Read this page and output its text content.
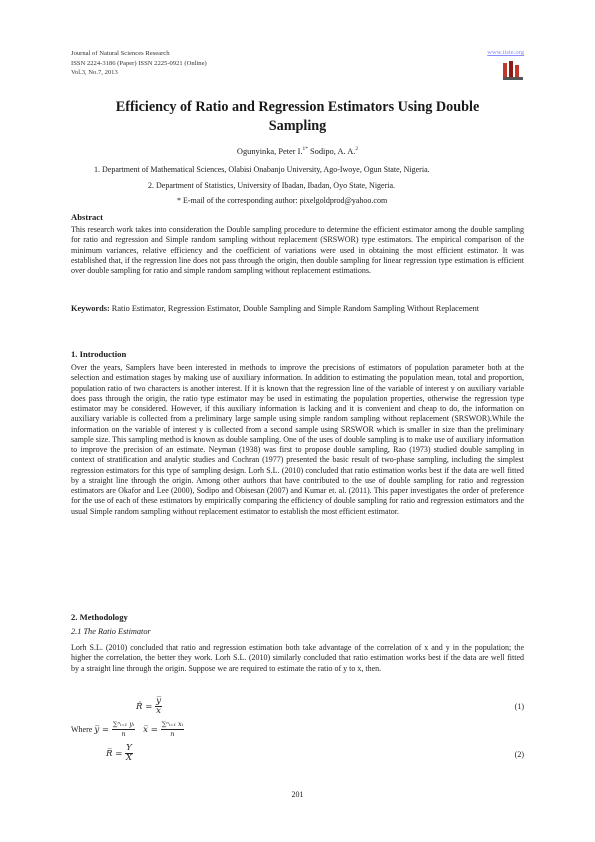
Journal of Natural Sciences Research
ISSN 2224-3186 (Paper) ISSN 2225-0921 (Online)
Vol.3, No.7, 2013
www.iiste.org
Efficiency of Ratio and Regression Estimators Using Double
Sampling
Ogunyinka, Peter I.$^{1*}$ Sodipo, A. A.$^2$
1. Department of Mathematical Sciences, Olabisi Onabanjo University, Ago-Iwoye, Ogun State, Nigeria.
2. Department of Statistics, University of Ibadan, Ibadan, Oyo State, Nigeria.
* E-mail of the corresponding author: pixelgoldprod@yahoo.com
Abstract
This research work takes into consideration the Double sampling procedure to determine the efficient estimator among the double sampling for ratio and regression and Simple random sampling without replacement (SRSWOR) type estimators. The empirical comparison of the minimum variances, relative efficiency and the coefficient of variations were used in obtaining the most efficient estimator. It was established that, if the regression line does not pass through the origin, then double sampling for linear regression type estimation is efficient over double sampling for ratio and simple random sampling without replacement estimations.
Keywords: Ratio Estimator, Regression Estimator, Double Sampling and Simple Random Sampling Without Replacement
1. Introduction
Over the years, Samplers have been interested in methods to improve the precisions of estimators of population parameter both at the selection and estimation stages by making use of auxiliary information. In addition to estimating the population mean, total and proportion, population ratio of two characters is another interest. If it is known that the regression line of the variable of interest y on auxiliary variable does pass through the origin, the ratio type estimator may be used in estimating the population properties, otherwise the regression type estimator may be considered. However, if this auxiliary information is lacking and it is convenient and cheap to do, the information on auxiliary variable is collected from a preliminary large sample using simple random sampling without replacement (SRSWOR).While the information on the variable of interest y is collected from a second sample using SRSWOR which is smaller in size than the preliminary sample size. This sampling method is known as double sampling. One of the uses of double sampling is to make use of auxiliary information to improve the precision of an estimate. Neyman (1938) was first to propose double sampling, Rao (1973) studied double sampling in context of stratification and analytic studies and Cochran (1977) presented the basic result of two-phase sampling, including the simplest regression estimators for this type of sampling design. Lorh S.L. (2010) concluded that ratio estimation works best if the data are well fitted by a straight line through the origin. Among other authors that have contributed to the use of double sampling for ratio and regression estimators are Okafor and Lee (2000), Sodipo and Obisesan (2007) and Kumar et. al. (2011). This paper investigates the order of preference for the use of each of these estimators by empirically comparing the efficiency of double sampling for ratio and regression estimators and the usual Simple random sampling without replacement estimator to establish the most efficient estimator.
2. Methodology
2.1 The Ratio Estimator
Lorh S.L. (2010) concluded that ratio and regression estimation both take advantage of the correlation of x and y in the population; the higher the correlation, the better they work. Lorh S.L. (2010) similarly concluded that ratio estimation works best if the data are well fitted by a straight line through the origin. Suppose we are required to estimate the ratio of y to x, then.
R̂ = $\frac{y̅}{x̅}$	(1)
Where y̅ = $\frac{\text{∑ⁿᵢ₌₁ yᵢ}}{n}$ x̅ = $\frac{\text{∑ⁿᵢ₌₁ xᵢ}}{n}$
R̅ = $\frac{Y}{X}$	(2)
201
